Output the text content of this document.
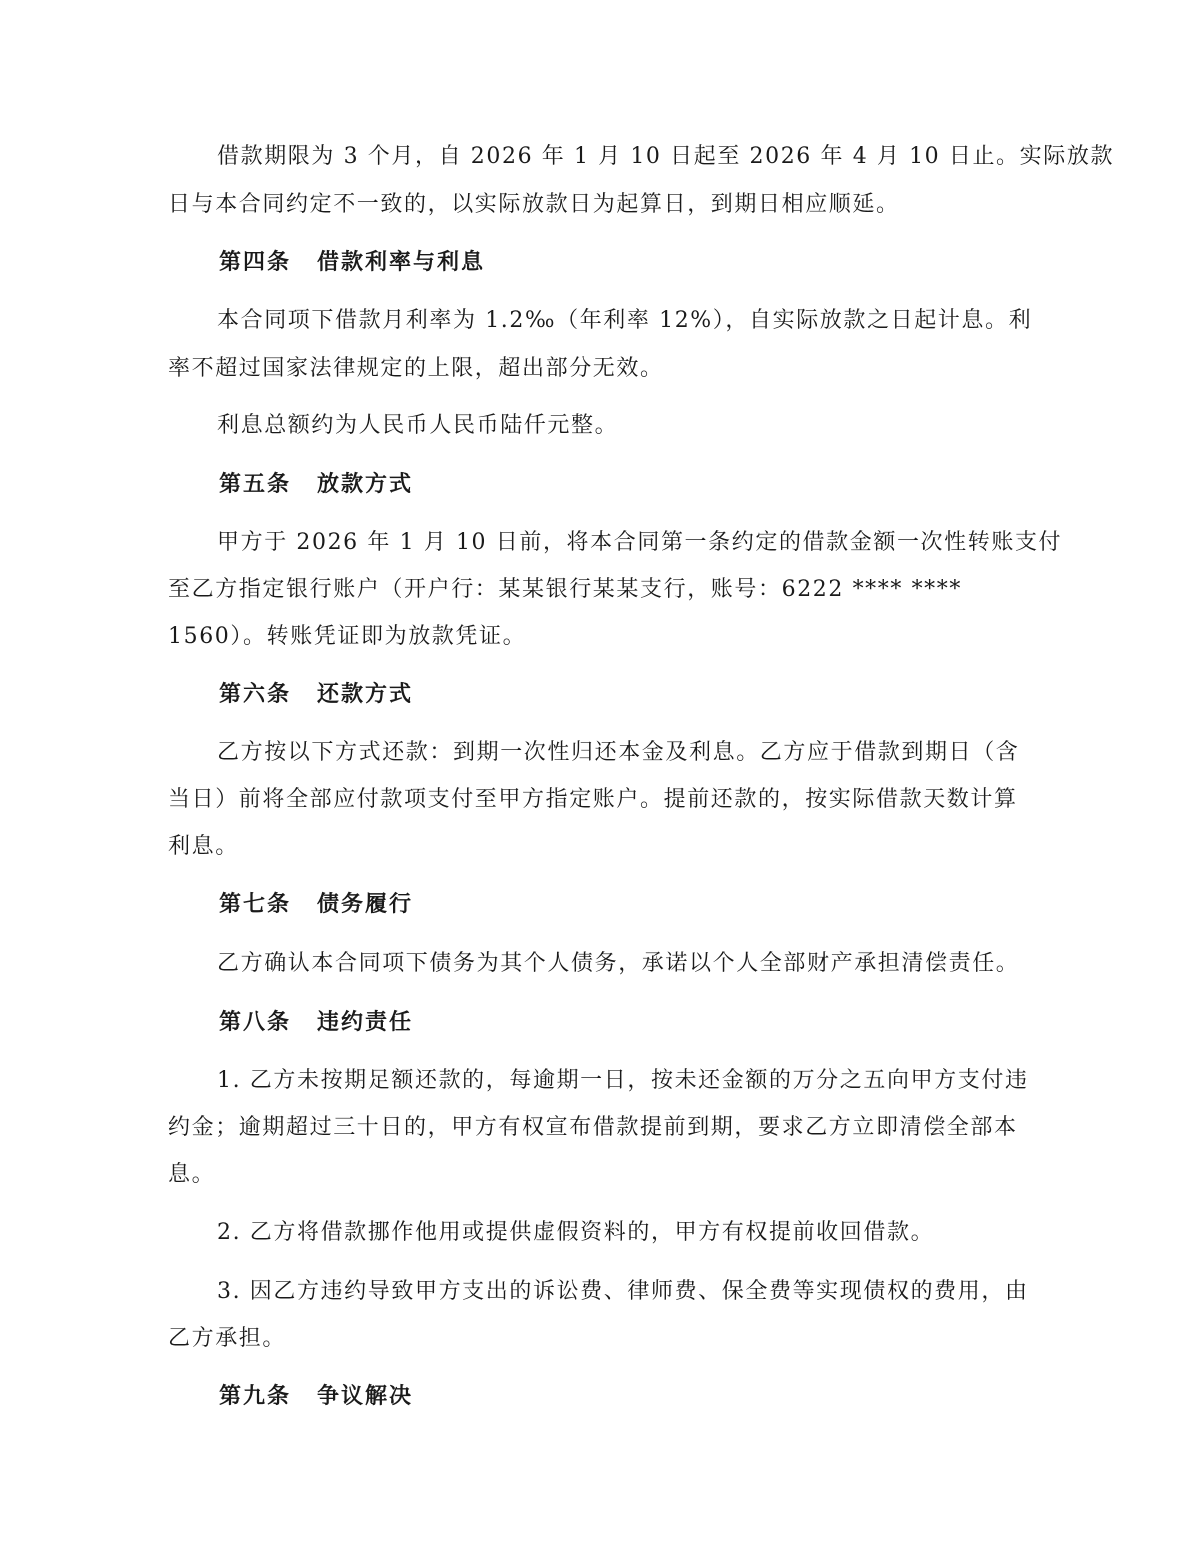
借款期限为 3 个月，自 2026 年 1 月 10 日起至 2026 年 4 月 10 日止。实际放款
日与本合同约定不一致的，以实际放款日为起算日，到期日相应顺延。
第四条 借款利率与利息
本合同项下借款月利率为 1.2‰（年利率 12%），自实际放款之日起计息。利
率不超过国家法律规定的上限，超出部分无效。
利息总额约为人民币人民币陆仟元整。
第五条 放款方式
甲方于 2026 年 1 月 10 日前，将本合同第一条约定的借款金额一次性转账支付
至乙方指定银行账户（开户行：某某银行某某支行，账号：6222 **** ****
1560）。转账凭证即为放款凭证。
第六条 还款方式
乙方按以下方式还款：到期一次性归还本金及利息。乙方应于借款到期日（含
当日）前将全部应付款项支付至甲方指定账户。提前还款的，按实际借款天数计算
利息。
第七条 债务履行
乙方确认本合同项下债务为其个人债务，承诺以个人全部财产承担清偿责任。
第八条 违约责任
1. 乙方未按期足额还款的，每逾期一日，按未还金额的万分之五向甲方支付违
约金；逾期超过三十日的，甲方有权宣布借款提前到期，要求乙方立即清偿全部本
息。
2. 乙方将借款挪作他用或提供虚假资料的，甲方有权提前收回借款。
3. 因乙方违约导致甲方支出的诉讼费、律师费、保全费等实现债权的费用，由
乙方承担。
第九条 争议解决
